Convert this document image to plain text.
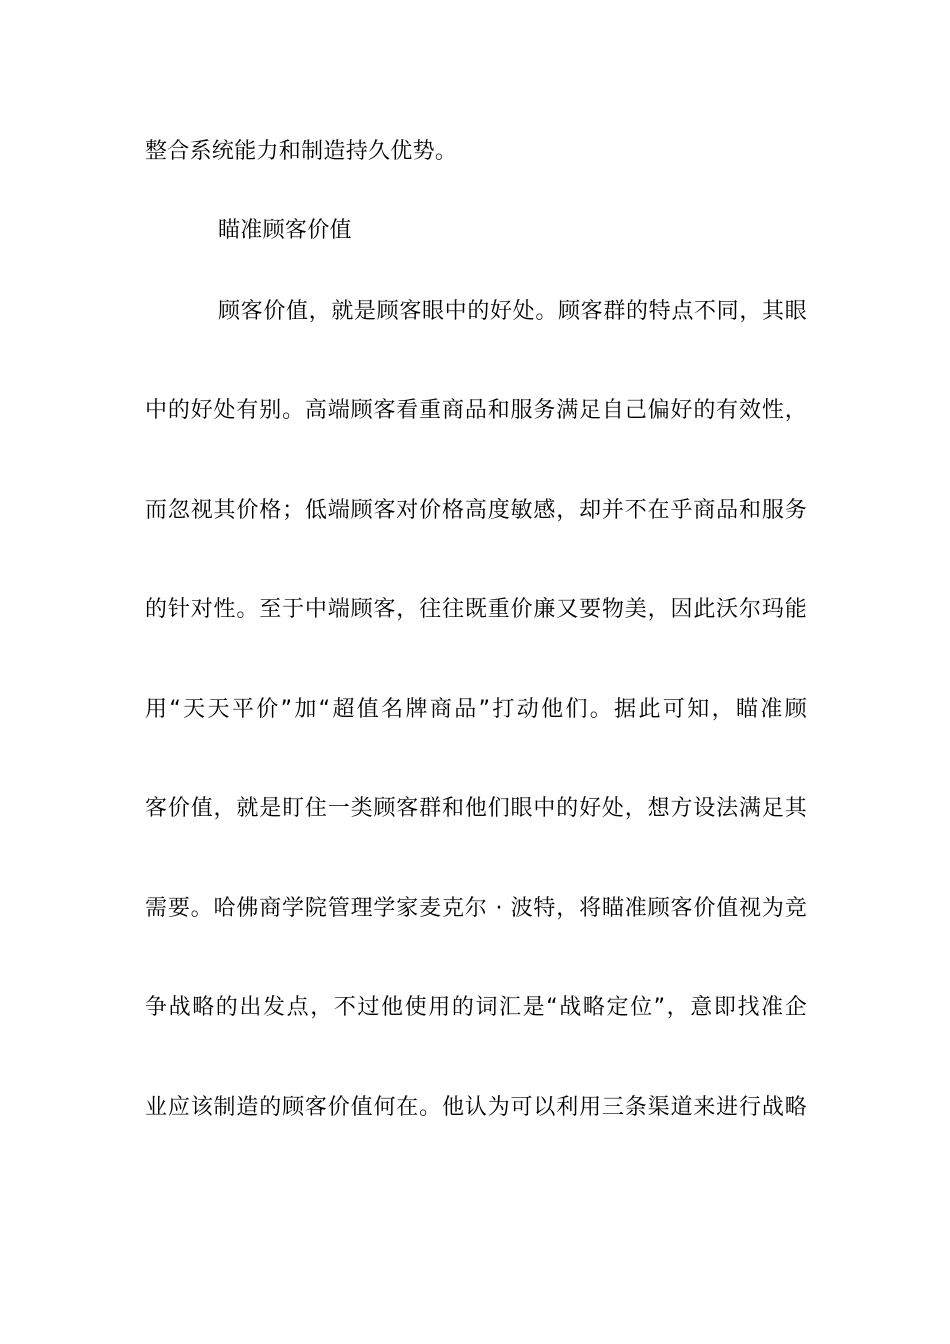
整合系统能力和制造持久优势。
瞄准顾客价值
顾客价值，就是顾客眼中的好处。顾客群的特点不同，其眼
中的好处有别。高端顾客看重商品和服务满足自己偏好的有效性，
而忽视其价格；低端顾客对价格高度敏感，却并不在乎商品和服务
的针对性。至于中端顾客，往往既重价廉又要物美，因此沃尔玛能
用“天天平价”加“超值名牌商品”打动他们。据此可知，瞄准顾
客价值，就是盯住一类顾客群和他们眼中的好处，想方设法满足其
需要。哈佛商学院管理学家麦克尔 · 波特，将瞄准顾客价值视为竞
争战略的出发点，不过他使用的词汇是“战略定位”，意即找准企
业应该制造的顾客价值何在。他认为可以利用三条渠道来进行战略
